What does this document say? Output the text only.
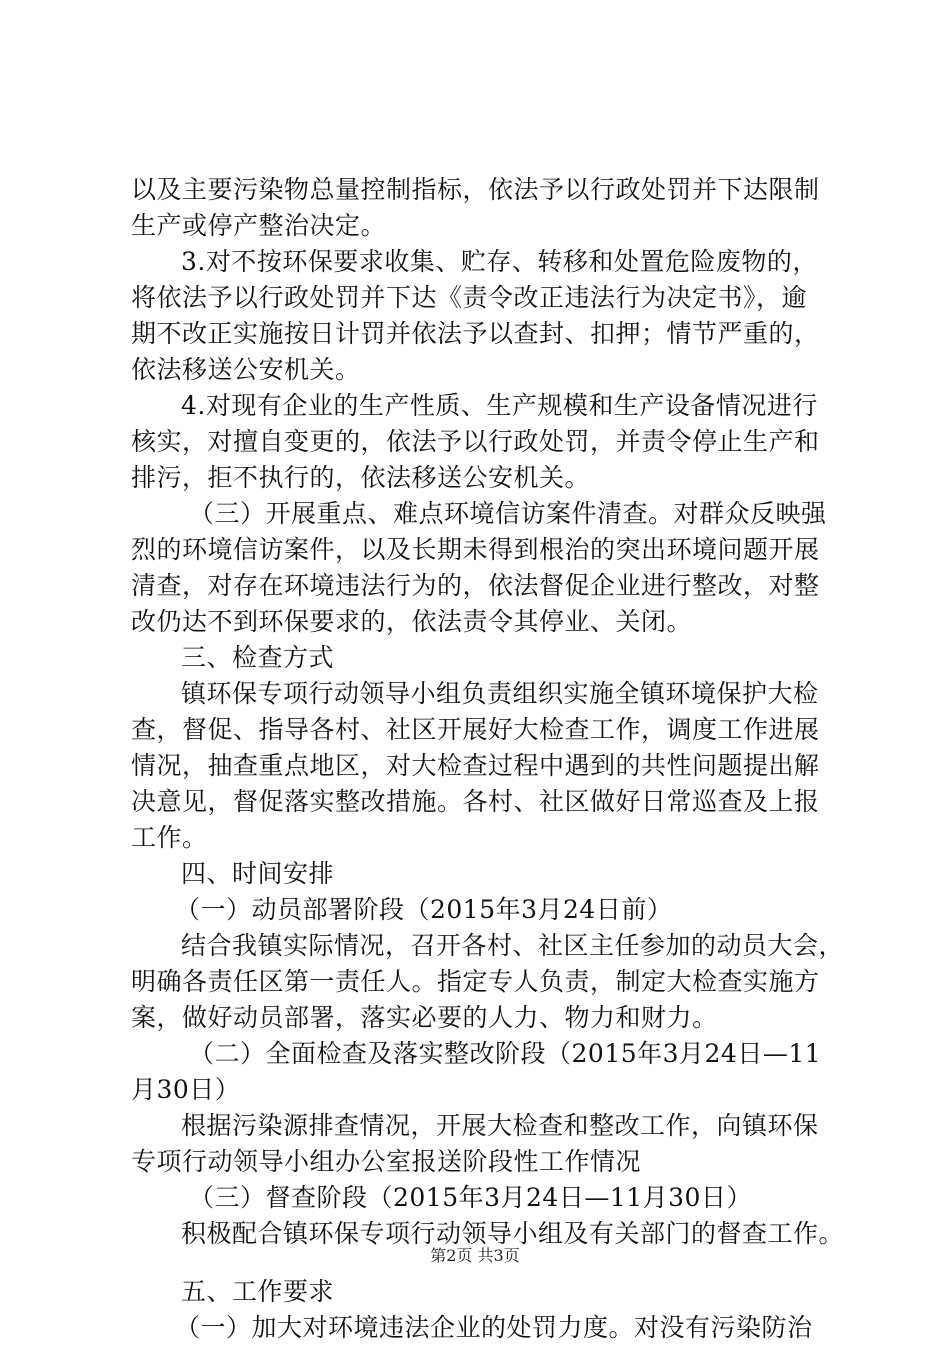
以及主要污染物总量控制指标，依法予以行政处罚并下达限制
生产或停产整治决定。
3.对不按环保要求收集、贮存、转移和处置危险废物的，
将依法予以行政处罚并下达《责令改正违法行为决定书》，逾
期不改正实施按日计罚并依法予以查封、扣押；情节严重的，
依法移送公安机关。
4.对现有企业的生产性质、生产规模和生产设备情况进行
核实，对擅自变更的，依法予以行政处罚，并责令停止生产和
排污，拒不执行的，依法移送公安机关。
（三）开展重点、难点环境信访案件清查。对群众反映强
烈的环境信访案件，以及长期未得到根治的突出环境问题开展
清查，对存在环境违法行为的，依法督促企业进行整改，对整
改仍达不到环保要求的，依法责令其停业、关闭。
三、检查方式
镇环保专项行动领导小组负责组织实施全镇环境保护大检
查，督促、指导各村、社区开展好大检查工作，调度工作进展
情况，抽查重点地区，对大检查过程中遇到的共性问题提出解
决意见，督促落实整改措施。各村、社区做好日常巡查及上报
工作。
四、时间安排
（一）动员部署阶段（2015年3月24日前）
结合我镇实际情况，召开各村、社区主任参加的动员大会，
明确各责任区第一责任人。指定专人负责，制定大检查实施方
案，做好动员部署，落实必要的人力、物力和财力。
（二）全面检查及落实整改阶段（2015年3月24日—11
月30日）
根据污染源排查情况，开展大检查和整改工作，向镇环保
专项行动领导小组办公室报送阶段性工作情况
（三）督查阶段（2015年3月24日—11月30日）
积极配合镇环保专项行动领导小组及有关部门的督查工作。
五、工作要求
（一）加大对环境违法企业的处罚力度。对没有污染防治
第2页 共3页
